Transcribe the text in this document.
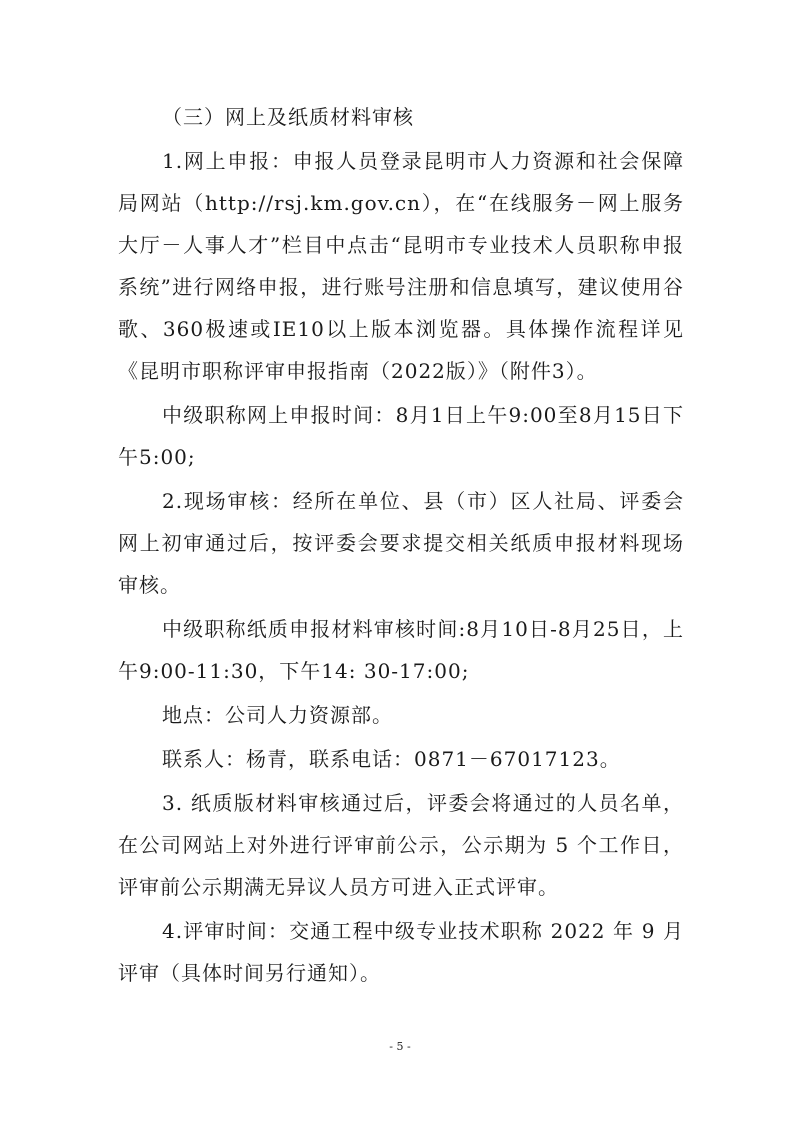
（三）网上及纸质材料审核

1.网上申报：申报人员登录昆明市人力资源和社会保障局网站（http://rsj.km.gov.cn），在“在线服务－网上服务大厅－人事人才”栏目中点击“昆明市专业技术人员职称申报系统”进行网络申报，进行账号注册和信息填写，建议使用谷歌、360极速或IE10以上版本浏览器。具体操作流程详见《昆明市职称评审申报指南（2022版）》（附件3）。

中级职称网上申报时间：8月1日上午9:00至8月15日下午5:00;

2.现场审核：经所在单位、县（市）区人社局、评委会网上初审通过后，按评委会要求提交相关纸质申报材料现场审核。

中级职称纸质申报材料审核时间:8月10日-8月25日，上午9:00-11:30，下午14: 30-17:00;

地点：公司人力资源部。

联系人：杨青，联系电话：0871－67017123。

3. 纸质版材料审核通过后，评委会将通过的人员名单，在公司网站上对外进行评审前公示，公示期为 5 个工作日，评审前公示期满无异议人员方可进入正式评审。

4.评审时间：交通工程中级专业技术职称 2022 年 9 月评审（具体时间另行通知）。

- 5 -
